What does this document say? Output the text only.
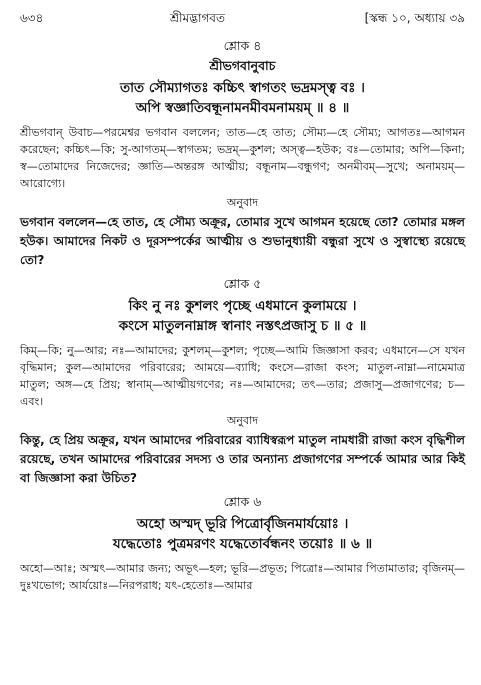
৬৩৪	শ্রীমদ্ভাগবত	[স্কন্ধ ১০, অধ্যায় ৩৯
শ্লোক ৪
শ্রীভগবানুবাচ
তাত সৌম্যাগতঃ কচ্চিৎ স্বাগতং ভদ্রমস্ত্ব বঃ ।
অপি স্বজ্ঞাতিবন্ধূনামনমীবমনাময়ম্ ॥ ৪ ॥
শ্রীভগবান্ উবাচ—পরমেশ্বর ভগবান বললেন; তাত—হে তাত; সৌম্য—হে সৌম্য; আগতঃ—আগমন করেছেন; কচ্চিৎ—কি; সু-আগতম্—স্বাগতম; ভদ্রম্—কুশল; অস্ত্ব—হউক; বঃ—তোমার; অপি—কিনা; স্ব—তোমাদের নিজেদের; জ্ঞাতি—অন্তরঙ্গ আত্মীয়; বন্ধূনাম—বন্ধুগণ; অনমীবম্—সুখে; অনাময়ম্—আরোগ্যে।
অনুবাদ
ভগবান বললেন—হে তাত, হে সৌম্য অক্রূর, তোমার সুখে আগমন হয়েছে তো? তোমার মঙ্গল হউক। আমাদের নিকট ও দূরসম্পর্কের আত্মীয় ও শুভানুধ্যায়ী বন্ধুরা সুখে ও সুস্বাস্থ্যে রয়েছে তো?
শ্লোক ৫
কিং নু নঃ কুশলং পৃচ্ছে এধমানে কুলাময়ে ।
কংসে মাতুলনাম্নাঙ্গ স্বানাং নস্তৎপ্রজাসু চ ॥ ৫ ॥
কিম্—কি; নু—আর; নঃ—আমাদের; কুশলম্—কুশল; পৃচ্ছে—আমি জিজ্ঞাসা করব; এধমানে—সে যখন বৃদ্ধিমান; কুল—আমাদের পরিবারের; আময়ে—ব্যাধি; কংসে—রাজা কংস; মাতুল-নাম্না—নামেমাত্র মাতুল; অঙ্গ—হে প্রিয়; স্বানাম্—আত্মীয়গণের; নঃ—আমাদের; তৎ—তার; প্রজাসু—প্রজাগণের; চ—এবং।
অনুবাদ
কিন্তু, হে প্রিয় অক্রূর, যখন আমাদের পরিবারের ব্যাধিস্বরূপ মাতুল নামধারী রাজা কংস বৃদ্ধিশীল রয়েছে, তখন আমাদের পরিবারের সদস্য ও তার অন্যান্য প্রজাগণের সম্পর্কে আমার আর কিই বা জিজ্ঞাসা করা উচিত?
শ্লোক ৬
অহো অস্মদ্ ভূরি পিত্রোর্বৃজিনমার্যয়োঃ ।
যদ্ধেতোঃ পুত্রমরণং যদ্ধেতোর্বন্ধনং তয়োঃ ॥ ৬ ॥
অহো—আঃ; অস্মৎ—আমার জন্য; অভূৎ—হল; ভূরি—প্রভূত; পিত্রোঃ—আমার পিতামাতার; বৃজিনম্—দুঃখভোগ; আর্যয়োঃ—নিরপরাধ; যৎ-হেতোঃ—আমার
